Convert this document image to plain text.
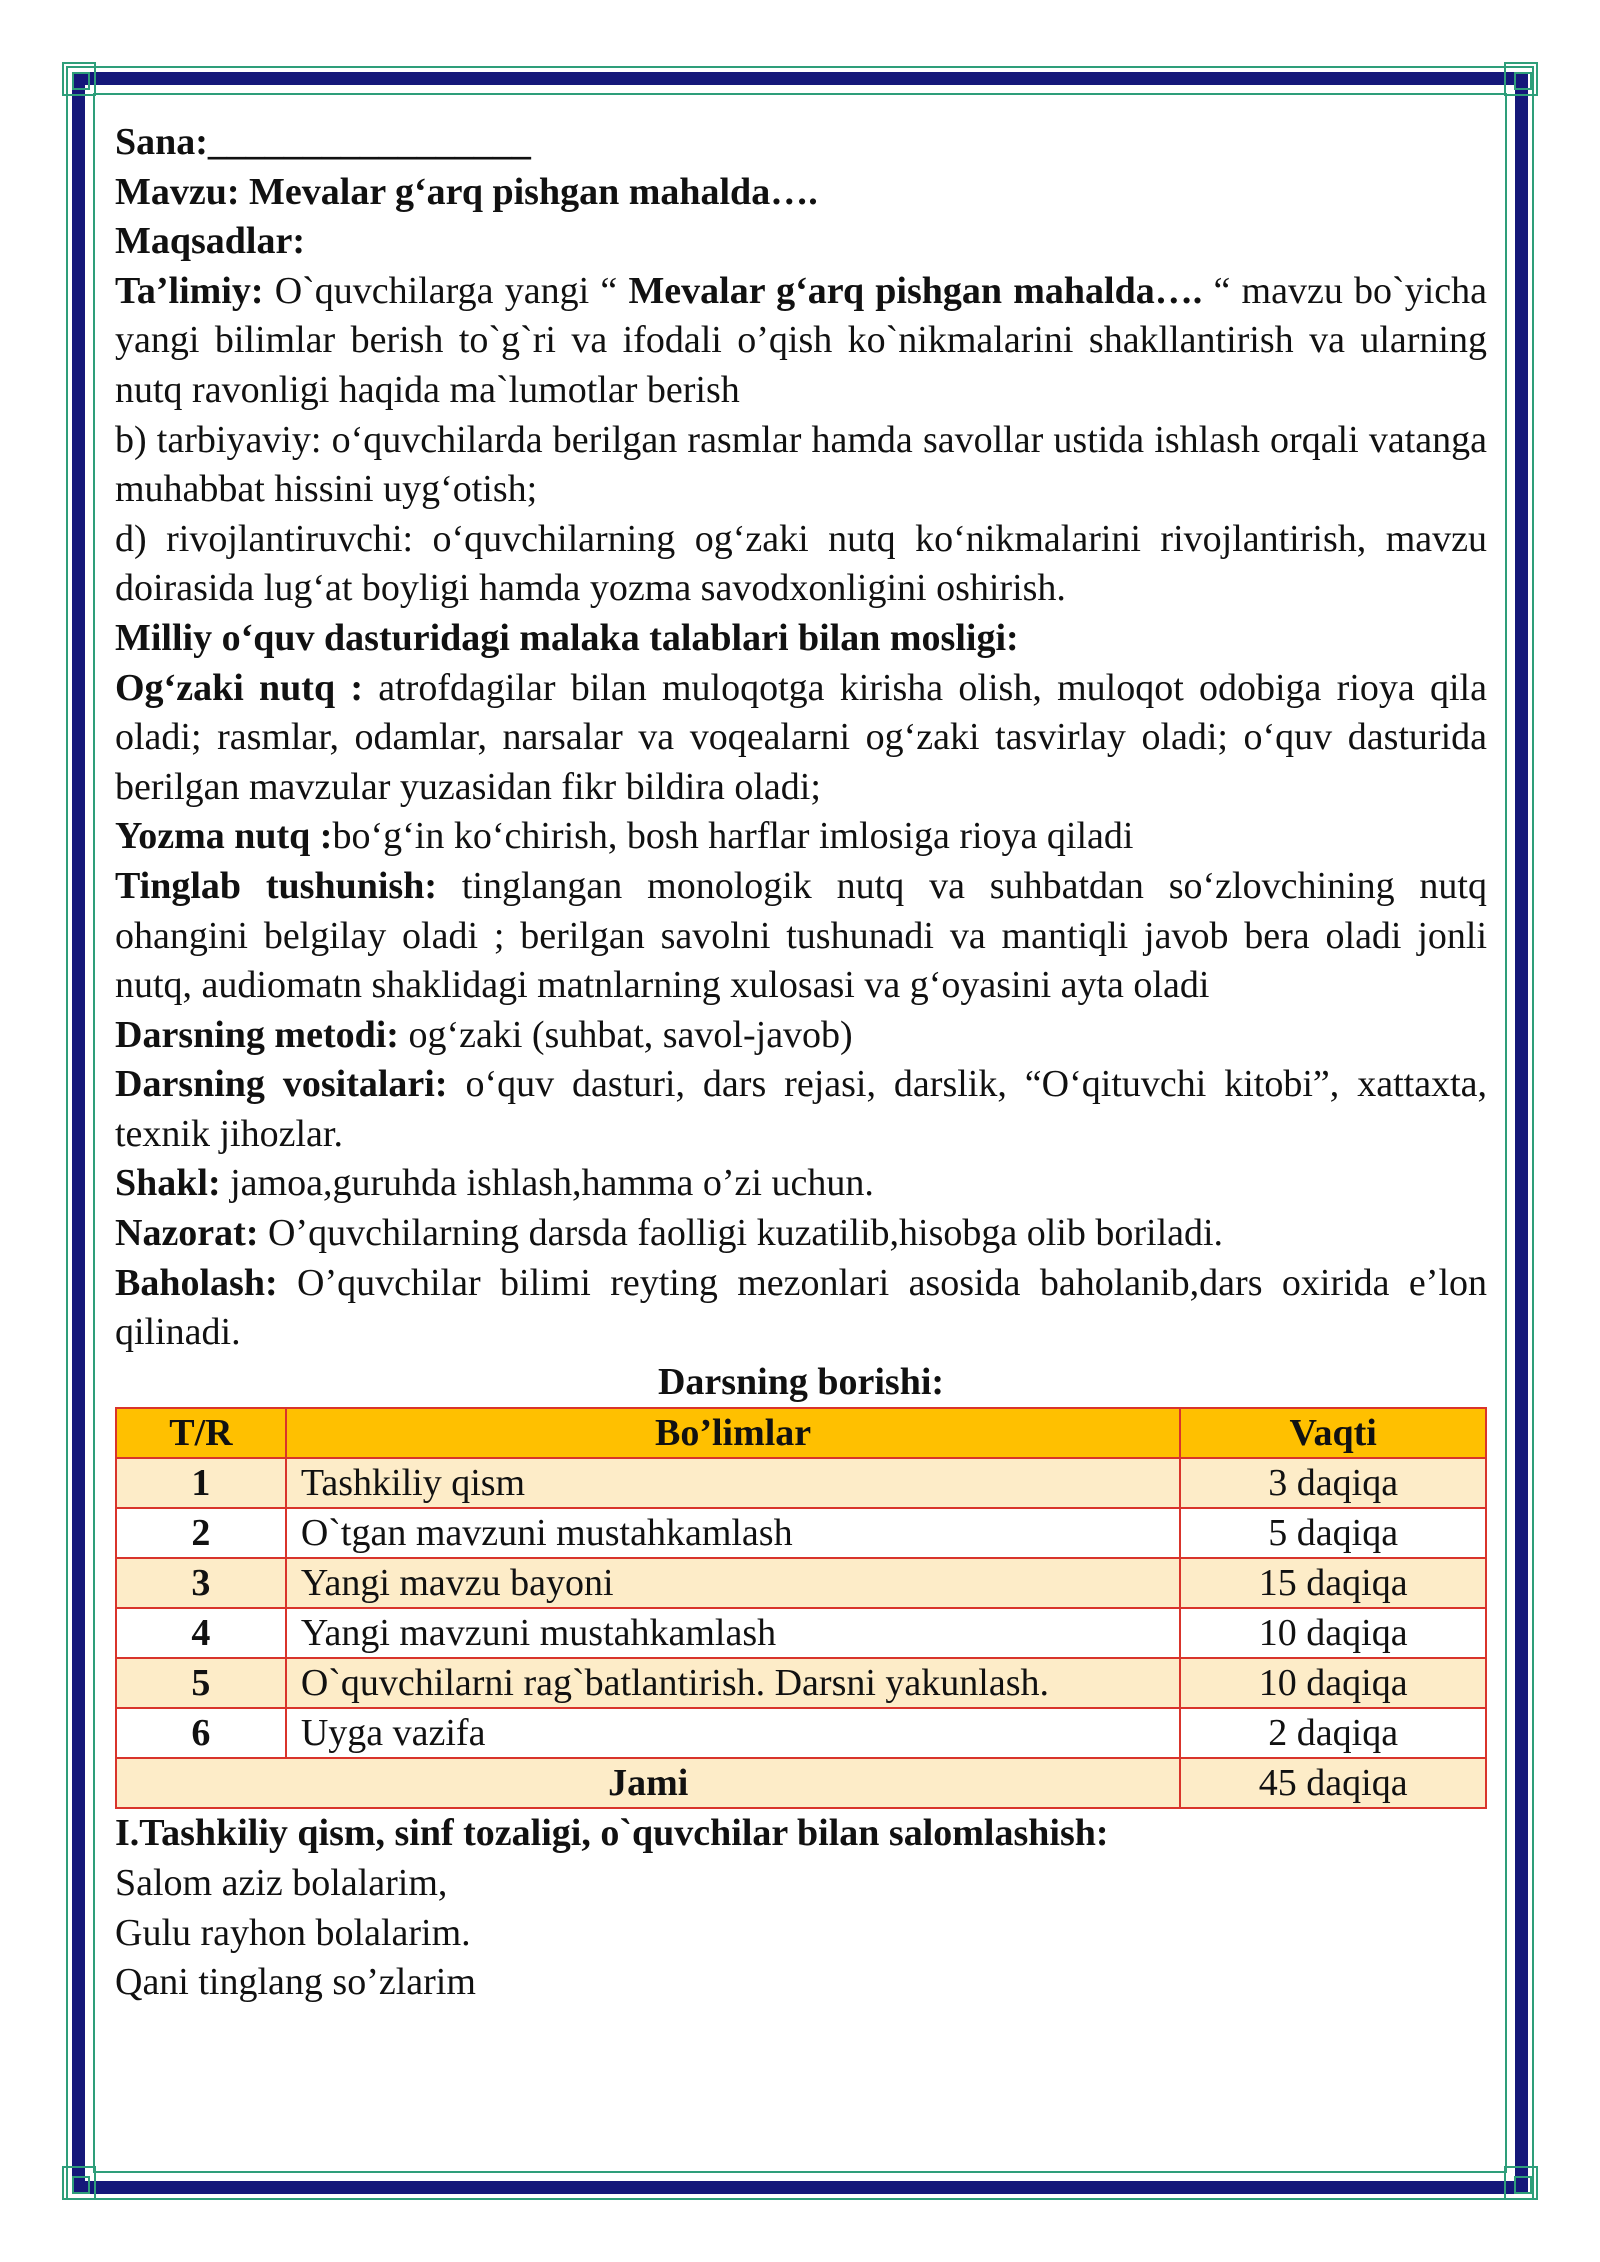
Sana:_________________

Mavzu: Mevalar g‘arq pishgan mahalda….

Maqsadlar:

Ta’limiy: O`quvchilarga yangi “ Mevalar g‘arq pishgan mahalda…. “ mavzu bo`yicha yangi bilimlar berish to`g`ri va ifodali o’qish ko`nikmalarini shakllantirish va ularning nutq ravonligi haqida ma`lumotlar berish

b) tarbiyaviy: o‘quvchilarda berilgan rasmlar hamda savollar ustida ishlash orqali vatanga muhabbat hissini uyg‘otish;

d) rivojlantiruvchi: o‘quvchilarning og‘zaki nutq ko‘nikmalarini rivojlantirish, mavzu doirasida lug‘at boyligi hamda yozma savodxonligini oshirish.

Milliy o‘quv dasturidagi malaka talablari bilan mosligi:

Og‘zaki nutq : atrofdagilar bilan muloqotga kirisha olish, muloqot odobiga rioya qila oladi; rasmlar, odamlar, narsalar va voqealarni og‘zaki tasvirlay oladi; o‘quv dasturida berilgan mavzular yuzasidan fikr bildira oladi;

Yozma nutq :bo‘g‘in ko‘chirish, bosh harflar imlosiga rioya qiladi

Tinglab tushunish: tinglangan monologik nutq va suhbatdan so‘zlovchining nutq ohangini belgilay oladi ; berilgan savolni tushunadi va mantiqli javob bera oladi jonli nutq, audiomatn shaklidagi matnlarning xulosasi va g‘oyasini ayta oladi

Darsning metodi: og‘zaki (suhbat, savol-javob)

Darsning vositalari: o‘quv dasturi, dars rejasi, darslik, “O‘qituvchi kitobi”, xattaxta, texnik jihozlar.

Shakl: jamoa,guruhda ishlash,hamma o’zi uchun.

Nazorat: O’quvchilarning darsda faolligi kuzatilib,hisobga olib boriladi.

Baholash: O’quvchilar bilimi reyting mezonlari asosida baholanib,dars oxirida e’lon qilinadi.

Darsning borishi:

T/R	Bo’limlar	Vaqti
1	Tashkiliy qism	3 daqiqa
2	O`tgan mavzuni mustahkamlash	5 daqiqa
3	Yangi mavzu bayoni	15 daqiqa
4	Yangi mavzuni mustahkamlash	10 daqiqa
5	O`quvchilarni rag`batlantirish. Darsni yakunlash.	10 daqiqa
6	Uyga vazifa	2 daqiqa
Jami		45 daqiqa

I.Tashkiliy qism, sinf tozaligi, o`quvchilar bilan salomlashish:

Salom aziz bolalarim,

Gulu rayhon bolalarim.

Qani tinglang so’zlarim
